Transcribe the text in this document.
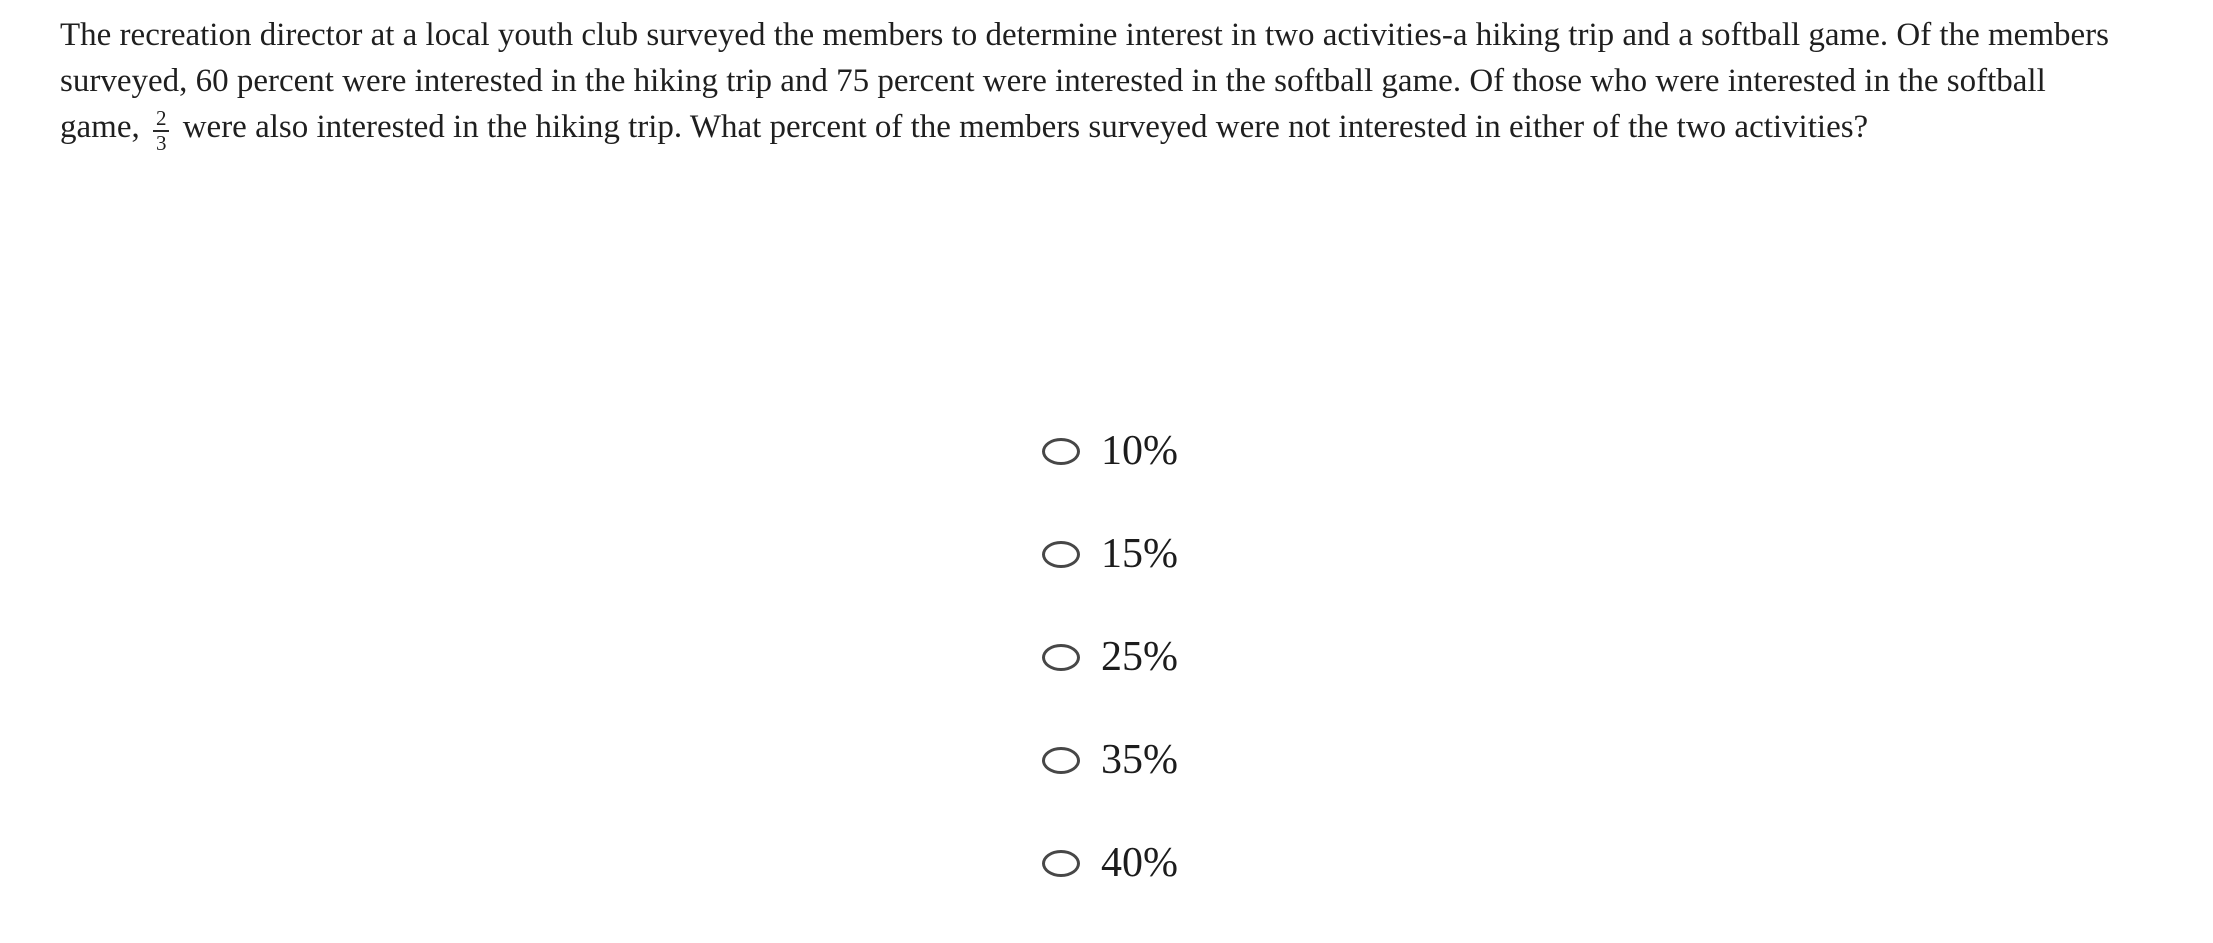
The recreation director at a local youth club surveyed the members to determine interest in two activities-a hiking trip and a softball game. Of the members surveyed, 60 percent were interested in the hiking trip and 75 percent were interested in the softball game. Of those who were interested in the softball game, $\frac{2}{3}$ were also interested in the hiking trip. What percent of the members surveyed were not interested in either of the two activities?
10%
15%
25%
35%
40%
